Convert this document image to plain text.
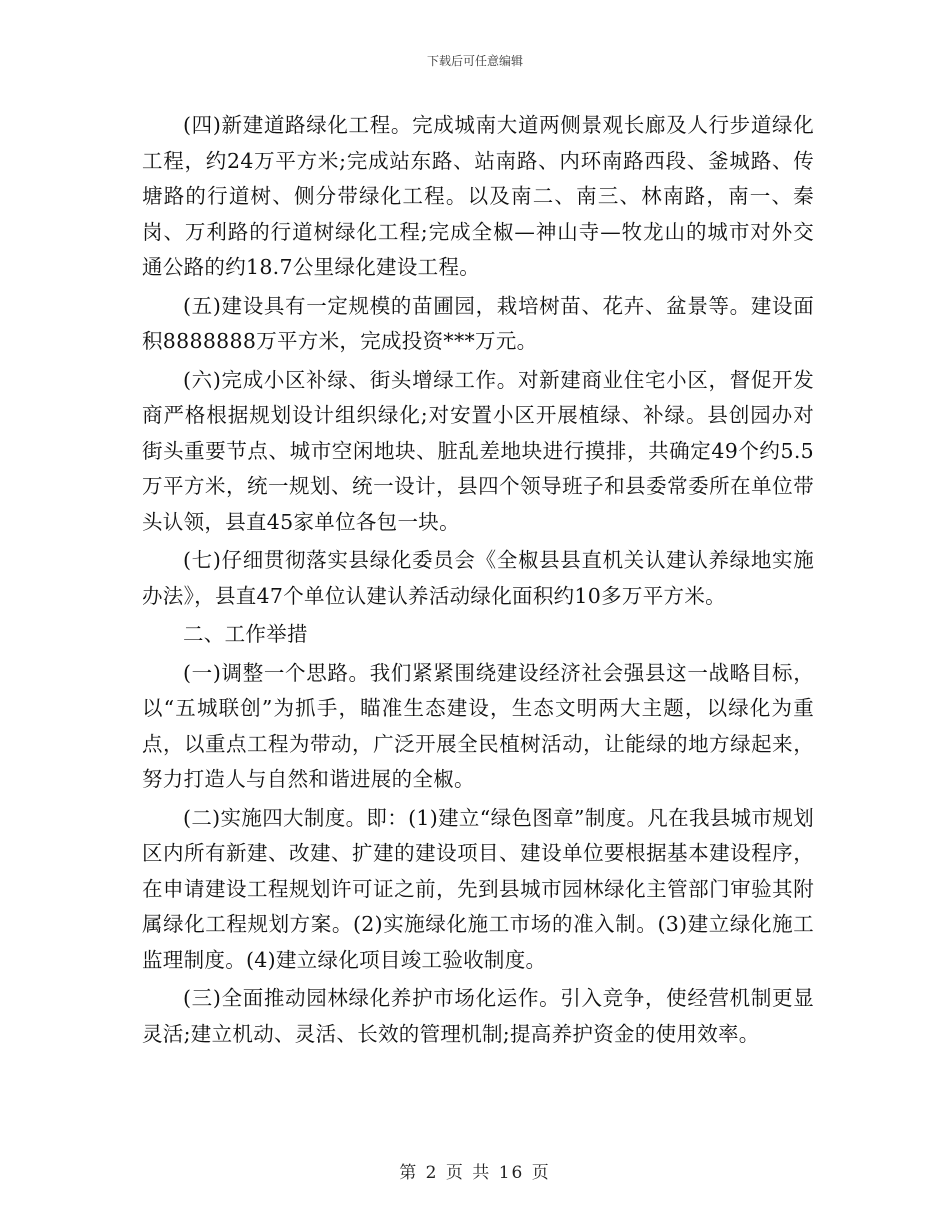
下载后可任意编辑

(四)新建道路绿化工程。完成城南大道两侧景观长廊及人行步道绿化工程，约24万平方米;完成站东路、站南路、内环南路西段、釜城路、传塘路的行道树、侧分带绿化工程。以及南二、南三、林南路，南一、秦岗、万利路的行道树绿化工程;完成全椒—神山寺—牧龙山的城市对外交通公路的约18.7公里绿化建设工程。

(五)建设具有一定规模的苗圃园，栽培树苗、花卉、盆景等。建设面积8888888万平方米，完成投资***万元。

(六)完成小区补绿、街头增绿工作。对新建商业住宅小区，督促开发商严格根据规划设计组织绿化;对安置小区开展植绿、补绿。县创园办对街头重要节点、城市空闲地块、脏乱差地块进行摸排，共确定49个约5.5万平方米，统一规划、统一设计，县四个领导班子和县委常委所在单位带头认领，县直45家单位各包一块。

(七)仔细贯彻落实县绿化委员会《全椒县县直机关认建认养绿地实施办法》，县直47个单位认建认养活动绿化面积约10多万平方米。

二、工作举措

(一)调整一个思路。我们紧紧围绕建设经济社会强县这一战略目标，以“五城联创”为抓手，瞄准生态建设，生态文明两大主题，以绿化为重点，以重点工程为带动，广泛开展全民植树活动，让能绿的地方绿起来，努力打造人与自然和谐进展的全椒。

(二)实施四大制度。即：(1)建立“绿色图章”制度。凡在我县城市规划区内所有新建、改建、扩建的建设项目、建设单位要根据基本建设程序，在申请建设工程规划许可证之前，先到县城市园林绿化主管部门审验其附属绿化工程规划方案。(2)实施绿化施工市场的准入制。(3)建立绿化施工监理制度。(4)建立绿化项目竣工验收制度。

(三)全面推动园林绿化养护市场化运作。引入竞争，使经营机制更显灵活;建立机动、灵活、长效的管理机制;提高养护资金的使用效率。

第 2 页 共 16 页
